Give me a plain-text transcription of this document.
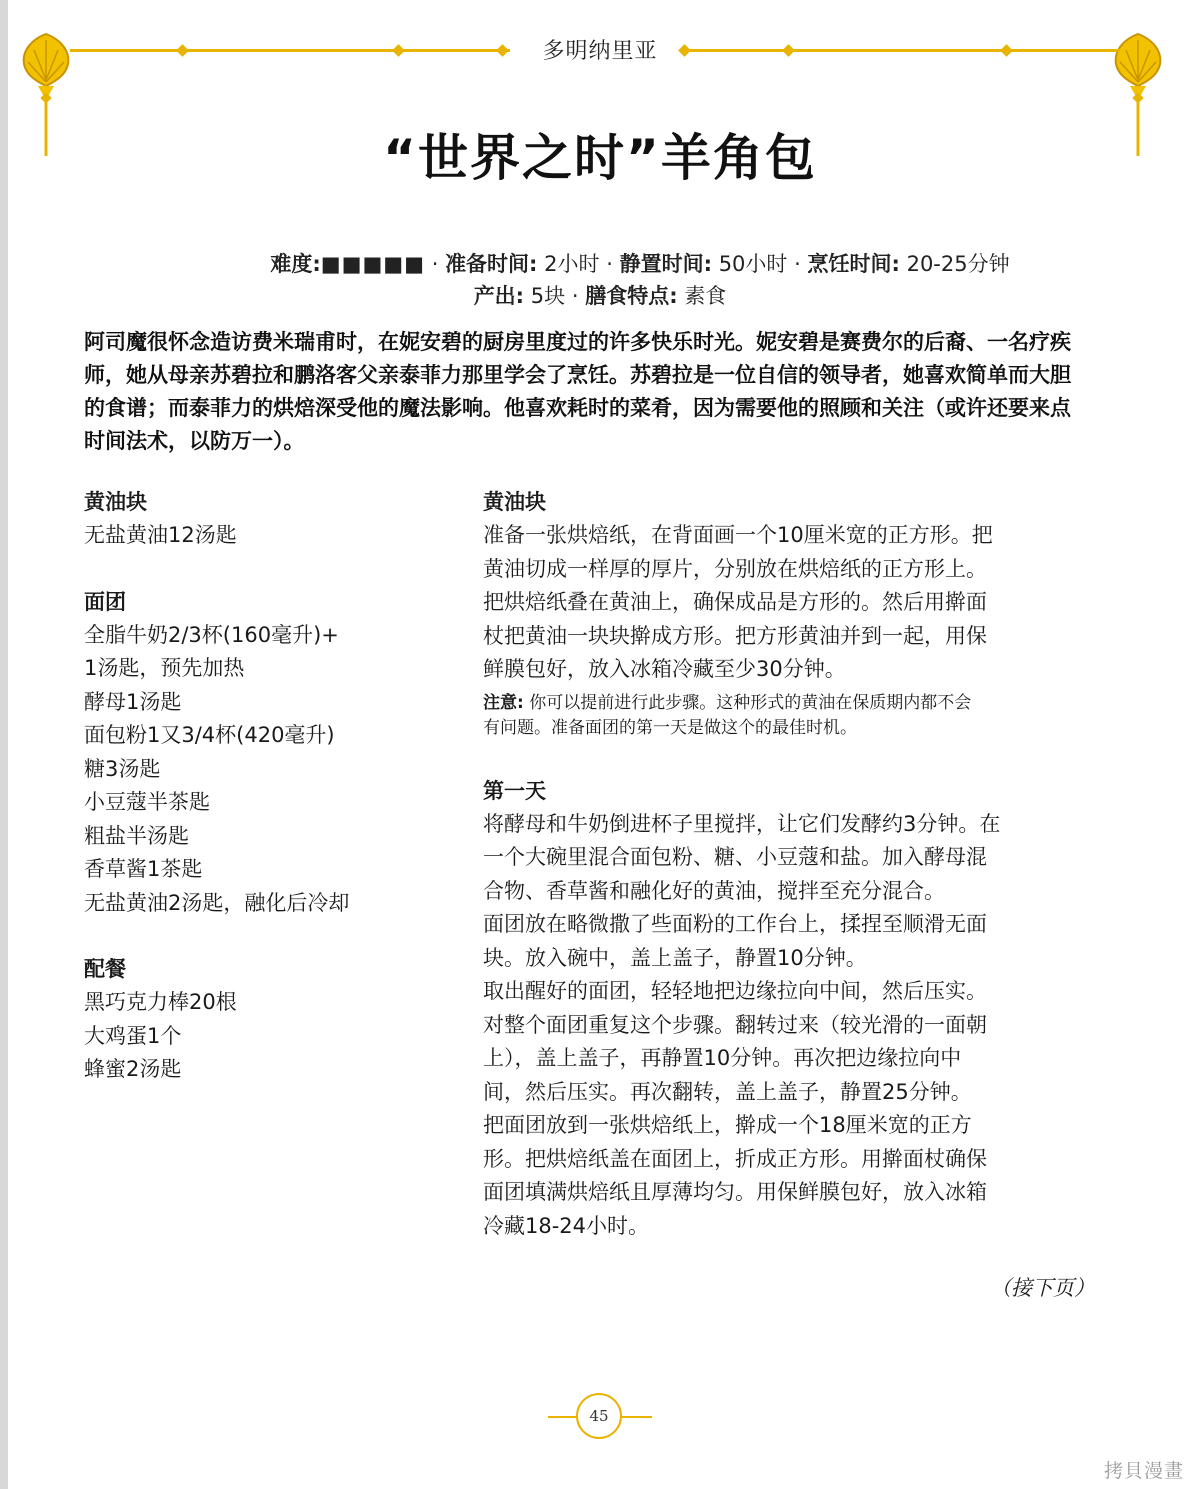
多明纳里亚
“世界之时”羊角包
难度:■■■■■ · 准备时间: 2小时 · 静置时间: 50小时 · 烹饪时间: 20-25分钟
产出: 5块 · 膳食特点: 素食
阿司魔很怀念造访费米瑞甫时，在妮安碧的厨房里度过的许多快乐时光。妮安碧是赛费尔的后裔、一名疗疾师，她从母亲苏碧拉和鹏洛客父亲泰菲力那里学会了烹饪。苏碧拉是一位自信的领导者，她喜欢简单而大胆的食谱；而泰菲力的烘焙深受他的魔法影响。他喜欢耗时的菜肴，因为需要他的照顾和关注（或许还要来点时间法术，以防万一）。

黄油块

无盐黄油12汤匙

面团

全脂牛奶2/3杯(160毫升)+

1汤匙，预先加热

酵母1汤匙

面包粉1又3/4杯(420毫升)

糖3汤匙

小豆蔻半茶匙

粗盐半汤匙

香草酱1茶匙

无盐黄油2汤匙，融化后冷却

配餐

黑巧克力棒20根

大鸡蛋1个

蜂蜜2汤匙

黄油块

准备一张烘焙纸，在背面画一个10厘米宽的正方形。把

黄油切成一样厚的厚片，分别放在烘焙纸的正方形上。

把烘焙纸叠在黄油上，确保成品是方形的。然后用擀面

杖把黄油一块块擀成方形。把方形黄油并到一起，用保

鲜膜包好，放入冰箱冷藏至少30分钟。

注意: 你可以提前进行此步骤。这种形式的黄油在保质期内都不会
有问题。准备面团的第一天是做这个的最佳时机。

第一天

将酵母和牛奶倒进杯子里搅拌，让它们发酵约3分钟。在

一个大碗里混合面包粉、糖、小豆蔻和盐。加入酵母混

合物、香草酱和融化好的黄油，搅拌至充分混合。

面团放在略微撒了些面粉的工作台上，揉捏至顺滑无面

块。放入碗中，盖上盖子，静置10分钟。

取出醒好的面团，轻轻地把边缘拉向中间，然后压实。

对整个面团重复这个步骤。翻转过来（较光滑的一面朝

上），盖上盖子，再静置10分钟。再次把边缘拉向中

间，然后压实。再次翻转，盖上盖子，静置25分钟。

把面团放到一张烘焙纸上，擀成一个18厘米宽的正方

形。把烘焙纸盖在面团上，折成正方形。用擀面杖确保

面团填满烘焙纸且厚薄均匀。用保鲜膜包好，放入冰箱

冷藏18-24小时。

（接下页）
45
拷貝漫畫
